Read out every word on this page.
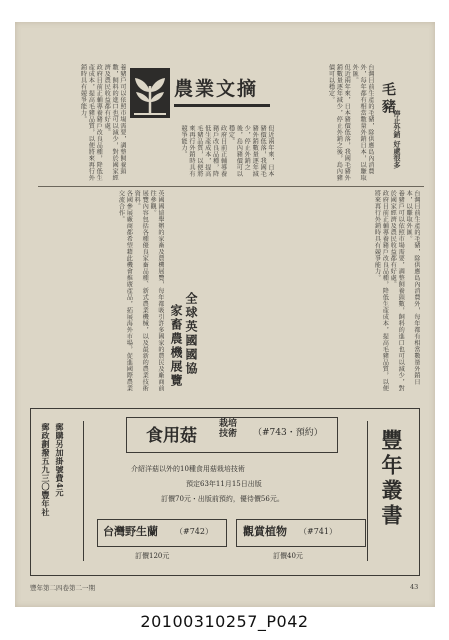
農業文摘	毛豬
停止外銷 好處很多
台灣目前生產的毛豬，除供應島內消費外，每年都有相當數量外銷日本，以賺取外匯。
但近兩年來，日本豬價低落，我國毛豬外銷數量逐年減少，停止外銷之後，島內豬價可以穩定。
養豬戶可以依照市場需要，調整飼養頭數，飼料的進口也可以減少，對於國家經濟及農民收益都有好處。
政府目前正輔導養豬戶改良品種，降低生產成本，提高毛豬品質，以便將來再行外銷時具有競爭能力。
但近兩年來，日本豬價低落，我國毛豬外銷數量逐年減少，停止外銷之後，島內豬價可以穩定。
政府目前正輔導養豬戶改良品種，降低生產成本，提高毛豬品質，以便將來再行外銷時具有競爭能力。
台灣目前生產的毛豬，除供應島內消費外，每年都有相當數量外銷日本，以賺取外匯。
養豬戶可以依照市場需要，調整飼養頭數，飼料的進口也可以減少，對於國家經濟及農民收益都有好處。
政府目前正輔導養豬戶改良品種，降低生產成本，提高毛豬品質，以便將來再行外銷時具有競爭能力。
全球英國國協
家畜農機展覽
英國國協舉辦的家畜及農機展覽，每年都吸引許多國家的農民及廠商前往參觀。
展覽內容包括各種優良家畜品種、新式農業機械，以及最新的農業技術資料。
各國參展廠商都希望藉此機會推廣產品，拓展海外市場，促進國際農業交流合作。
郵購另加掛號費4元
郵政劃撥五九三〇豐年社	食用菇
栽培技術	（#743・預約）
介紹洋菇以外的10種食用菇栽培技術
預定63年11月15日出版
訂價70元・出版前預約，優待價56元。
觀賞植物 （#741）
訂價40元
台灣野生蘭 （#742）
訂價120元
豐年叢書
豐年第二四卷第二一期	43
20100310257_P042
